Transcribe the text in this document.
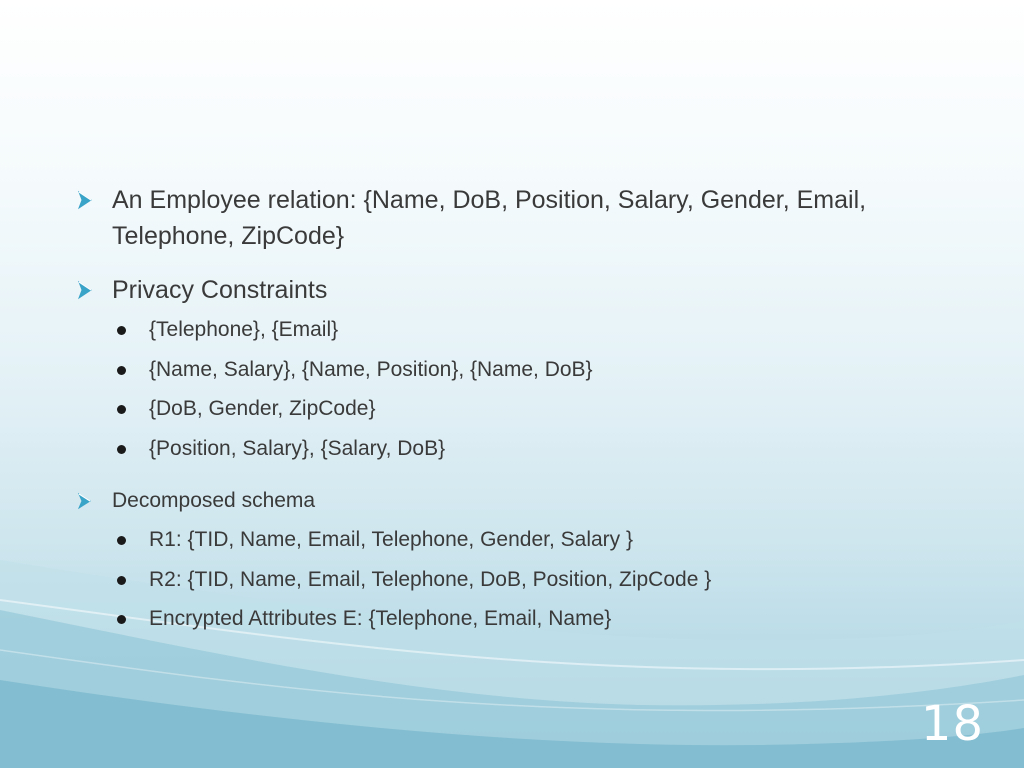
An Employee relation: {Name, DoB, Position, Salary, Gender, Email, Telephone, ZipCode}
Privacy Constraints
{Telephone}, {Email}
{Name, Salary}, {Name, Position}, {Name, DoB}
{DoB, Gender, ZipCode}
{Position, Salary}, {Salary, DoB}
Decomposed schema
R1: {TID, Name, Email, Telephone, Gender, Salary }
R2: {TID, Name, Email, Telephone, DoB, Position, ZipCode }
Encrypted Attributes E: {Telephone, Email, Name}
18
